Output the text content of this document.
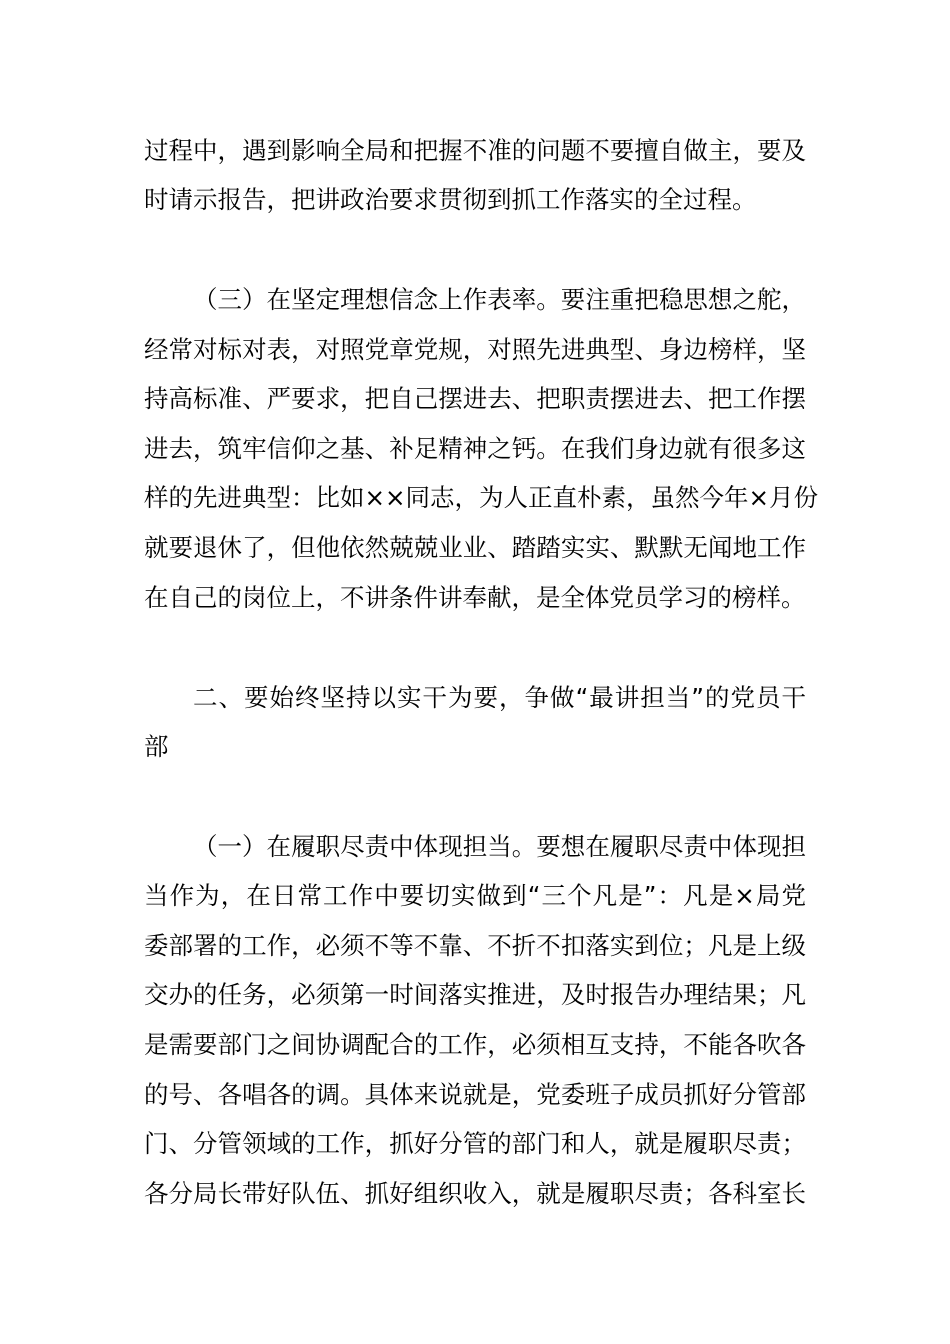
过程中，遇到影响全局和把握不准的问题不要擅自做主，要及
时请示报告，把讲政治要求贯彻到抓工作落实的全过程。
（三）在坚定理想信念上作表率。要注重把稳思想之舵，
经常对标对表，对照党章党规，对照先进典型、身边榜样，坚
持高标准、严要求，把自己摆进去、把职责摆进去、把工作摆
进去，筑牢信仰之基、补足精神之钙。在我们身边就有很多这
样的先进典型：比如××同志，为人正直朴素，虽然今年×月份
就要退休了，但他依然兢兢业业、踏踏实实、默默无闻地工作
在自己的岗位上，不讲条件讲奉献，是全体党员学习的榜样。
二、要始终坚持以实干为要，争做“最讲担当”的党员干
部
（一）在履职尽责中体现担当。要想在履职尽责中体现担
当作为，在日常工作中要切实做到“三个凡是”：凡是×局党
委部署的工作，必须不等不靠、不折不扣落实到位；凡是上级
交办的任务，必须第一时间落实推进，及时报告办理结果；凡
是需要部门之间协调配合的工作，必须相互支持，不能各吹各
的号、各唱各的调。具体来说就是，党委班子成员抓好分管部
门、分管领域的工作，抓好分管的部门和人，就是履职尽责；
各分局长带好队伍、抓好组织收入，就是履职尽责；各科室长
